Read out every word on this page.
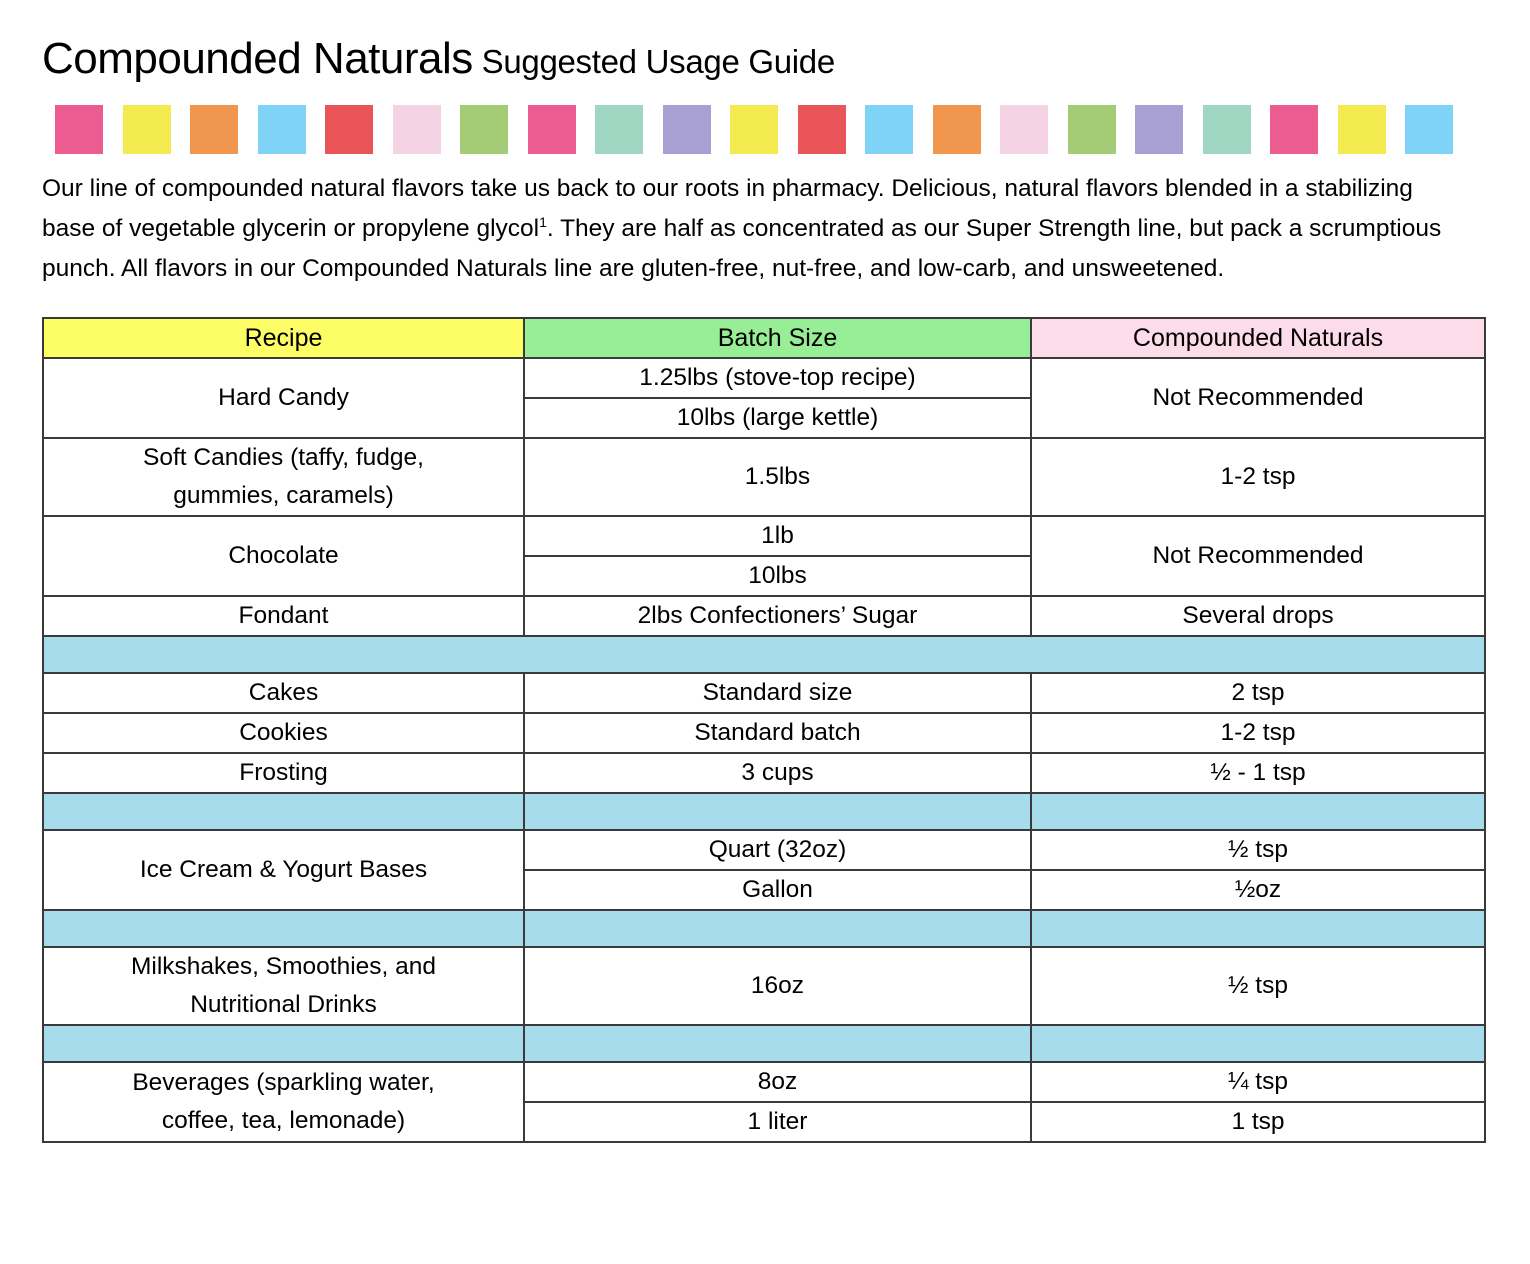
Compounded Naturals Suggested Usage Guide

Our line of compounded natural flavors take us back to our roots in pharmacy. Delicious, natural flavors blended in a stabilizing base of vegetable glycerin or propylene glycol$^1$. They are half as concentrated as our Super Strength line, but pack a scrumptious punch. All flavors in our Compounded Naturals line are gluten-free, nut-free, and low-carb, and unsweetened.

Recipe	Batch Size	Compounded Naturals
Hard Candy	1.25lbs (stove-top recipe)	Not Recommended
	10lbs (large kettle)	
Soft Candies (taffy, fudge, gummies, caramels)	1.5lbs	1-2 tsp
Chocolate	1lb	Not Recommended
	10lbs	
Fondant	2lbs Confectioners’ Sugar	Several drops

Cakes	Standard size	2 tsp
Cookies	Standard batch	1-2 tsp
Frosting	3 cups	½ - 1 tsp

Ice Cream & Yogurt Bases	Quart (32oz)	½ tsp
	Gallon	½oz

Milkshakes, Smoothies, and Nutritional Drinks	16oz	½ tsp

Beverages (sparkling water, coffee, tea, lemonade)	8oz	¼ tsp
	1 liter	1 tsp
